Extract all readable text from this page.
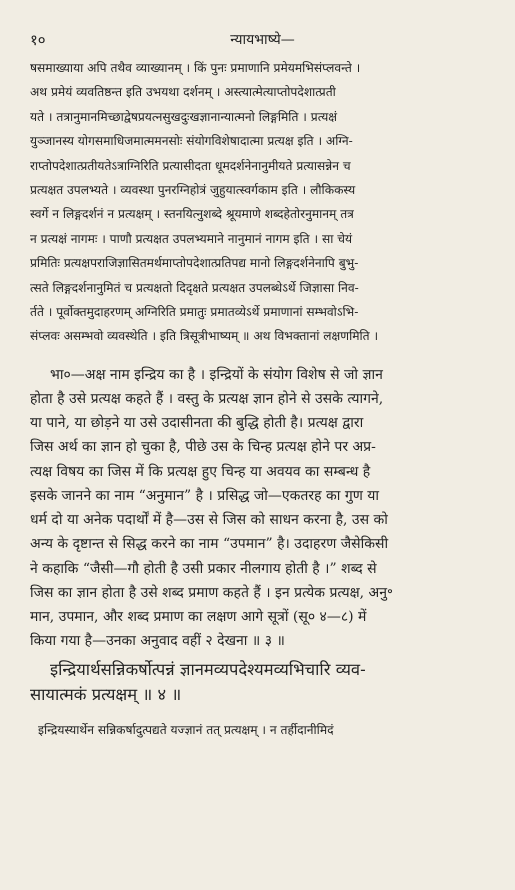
१०	न्यायभाष्ये—
षसमाख्याया अपि तथैव व्याख्यानम् । किं पुनः प्रमाणानि प्रमेयमभिसंप्लवन्ते ।
अथ प्रमेयं व्यवतिष्ठन्त इति उभयथा दर्शनम् । अस्त्यात्मेत्याप्तोपदेशात्प्रती
यते । तत्रानुमानमिच्छाद्वेषप्रयत्नसुखदुःखज्ञानान्यात्मनो लिङ्गमिति । प्रत्यक्षं
युञ्जानस्य योगसमाधिजमात्ममनसोः संयोगविशेषादात्मा प्रत्यक्ष इति । अग्नि-
राप्तोपदेशात्प्रतीयतेऽत्राग्निरिति प्रत्यासीदता धूमदर्शनेनानुमीयते प्रत्यासन्नेन च
प्रत्यक्षत उपलभ्यते । व्यवस्था पुनरग्निहोत्रं जुहुयात्स्वर्गकाम इति । लौकिकस्य
स्वर्गे न लिङ्गदर्शनं न प्रत्यक्षम् । स्तनयित्नुशब्दे श्रूयमाणे शब्दहेतोरनुमानम् तत्र
न प्रत्यक्षं नागमः । पाणौ प्रत्यक्षत उपलभ्यमाने नानुमानं नागम इति । सा चेयं
प्रमितिः प्रत्यक्षपराजिज्ञासितमर्थमाप्तोपदेशात्प्रतिपद्य मानो लिङ्गदर्शनेनापि बुभु-
त्सते लिङ्गदर्शनानुमितं च प्रत्यक्षतो दिदृक्षते प्रत्यक्षत उपलब्धेऽर्थे जिज्ञासा निव-
र्तते । पूर्वोक्तमुदाहरणम् अग्निरिति प्रमातुः प्रमातव्येऽर्थे प्रमाणानां सम्भवोऽभि-
संप्लवः असम्भवो व्यवस्थेति । इति त्रिसूत्रीभाष्यम् ॥ अथ विभक्तानां लक्षणमिति ।
भा०—अक्ष नाम इन्द्रिय का है । इन्द्रियों के संयोग विशेष से जो ज्ञान
होता है उसे प्रत्यक्ष कहते हैं । वस्तु के प्रत्यक्ष ज्ञान होने से उसके त्यागने,
या पाने, या छोड़ने या उसे उदासीनता की बुद्धि होती है। प्रत्यक्ष द्वारा
जिस अर्थ का ज्ञान हो चुका है, पीछे उस के चिन्ह प्रत्यक्ष होने पर अप्र-
त्यक्ष विषय का जिस में कि प्रत्यक्ष हुए चिन्ह या अवयव का सम्बन्ध है
इसके जानने का नाम “अनुमान” है । प्रसिद्ध जो—एकतरह का गुण या
धर्म दो या अनेक पदार्थों में है—उस से जिस को साधन करना है, उस को
अन्य के दृष्टान्त से सिद्ध करने का नाम “उपमान” है। उदाहरण जैसेकिसी
ने कहाकि “जैसी—गौ होती है उसी प्रकार नीलगाय होती है ।” शब्द से
जिस का ज्ञान होता है उसे शब्द प्रमाण कहते हैं । इन प्रत्येक प्रत्यक्ष, अनु॰
मान, उपमान, और शब्द प्रमाण का लक्षण आगे सूत्रों (सू० ४—८) में
किया गया है—उनका अनुवाद वहीं २ देखना ॥ ३ ॥
इन्द्रियार्थसन्निकर्षोत्पन्नं ज्ञानमव्यपदेश्यमव्यभिचारि व्यव-
सायात्मकं प्रत्यक्षम् ॥ ४ ॥
इन्द्रियस्यार्थेन सन्निकर्षादुत्पद्यते यज्ज्ञानं तत् प्रत्यक्षम् । न तर्हीदानीमिदं
